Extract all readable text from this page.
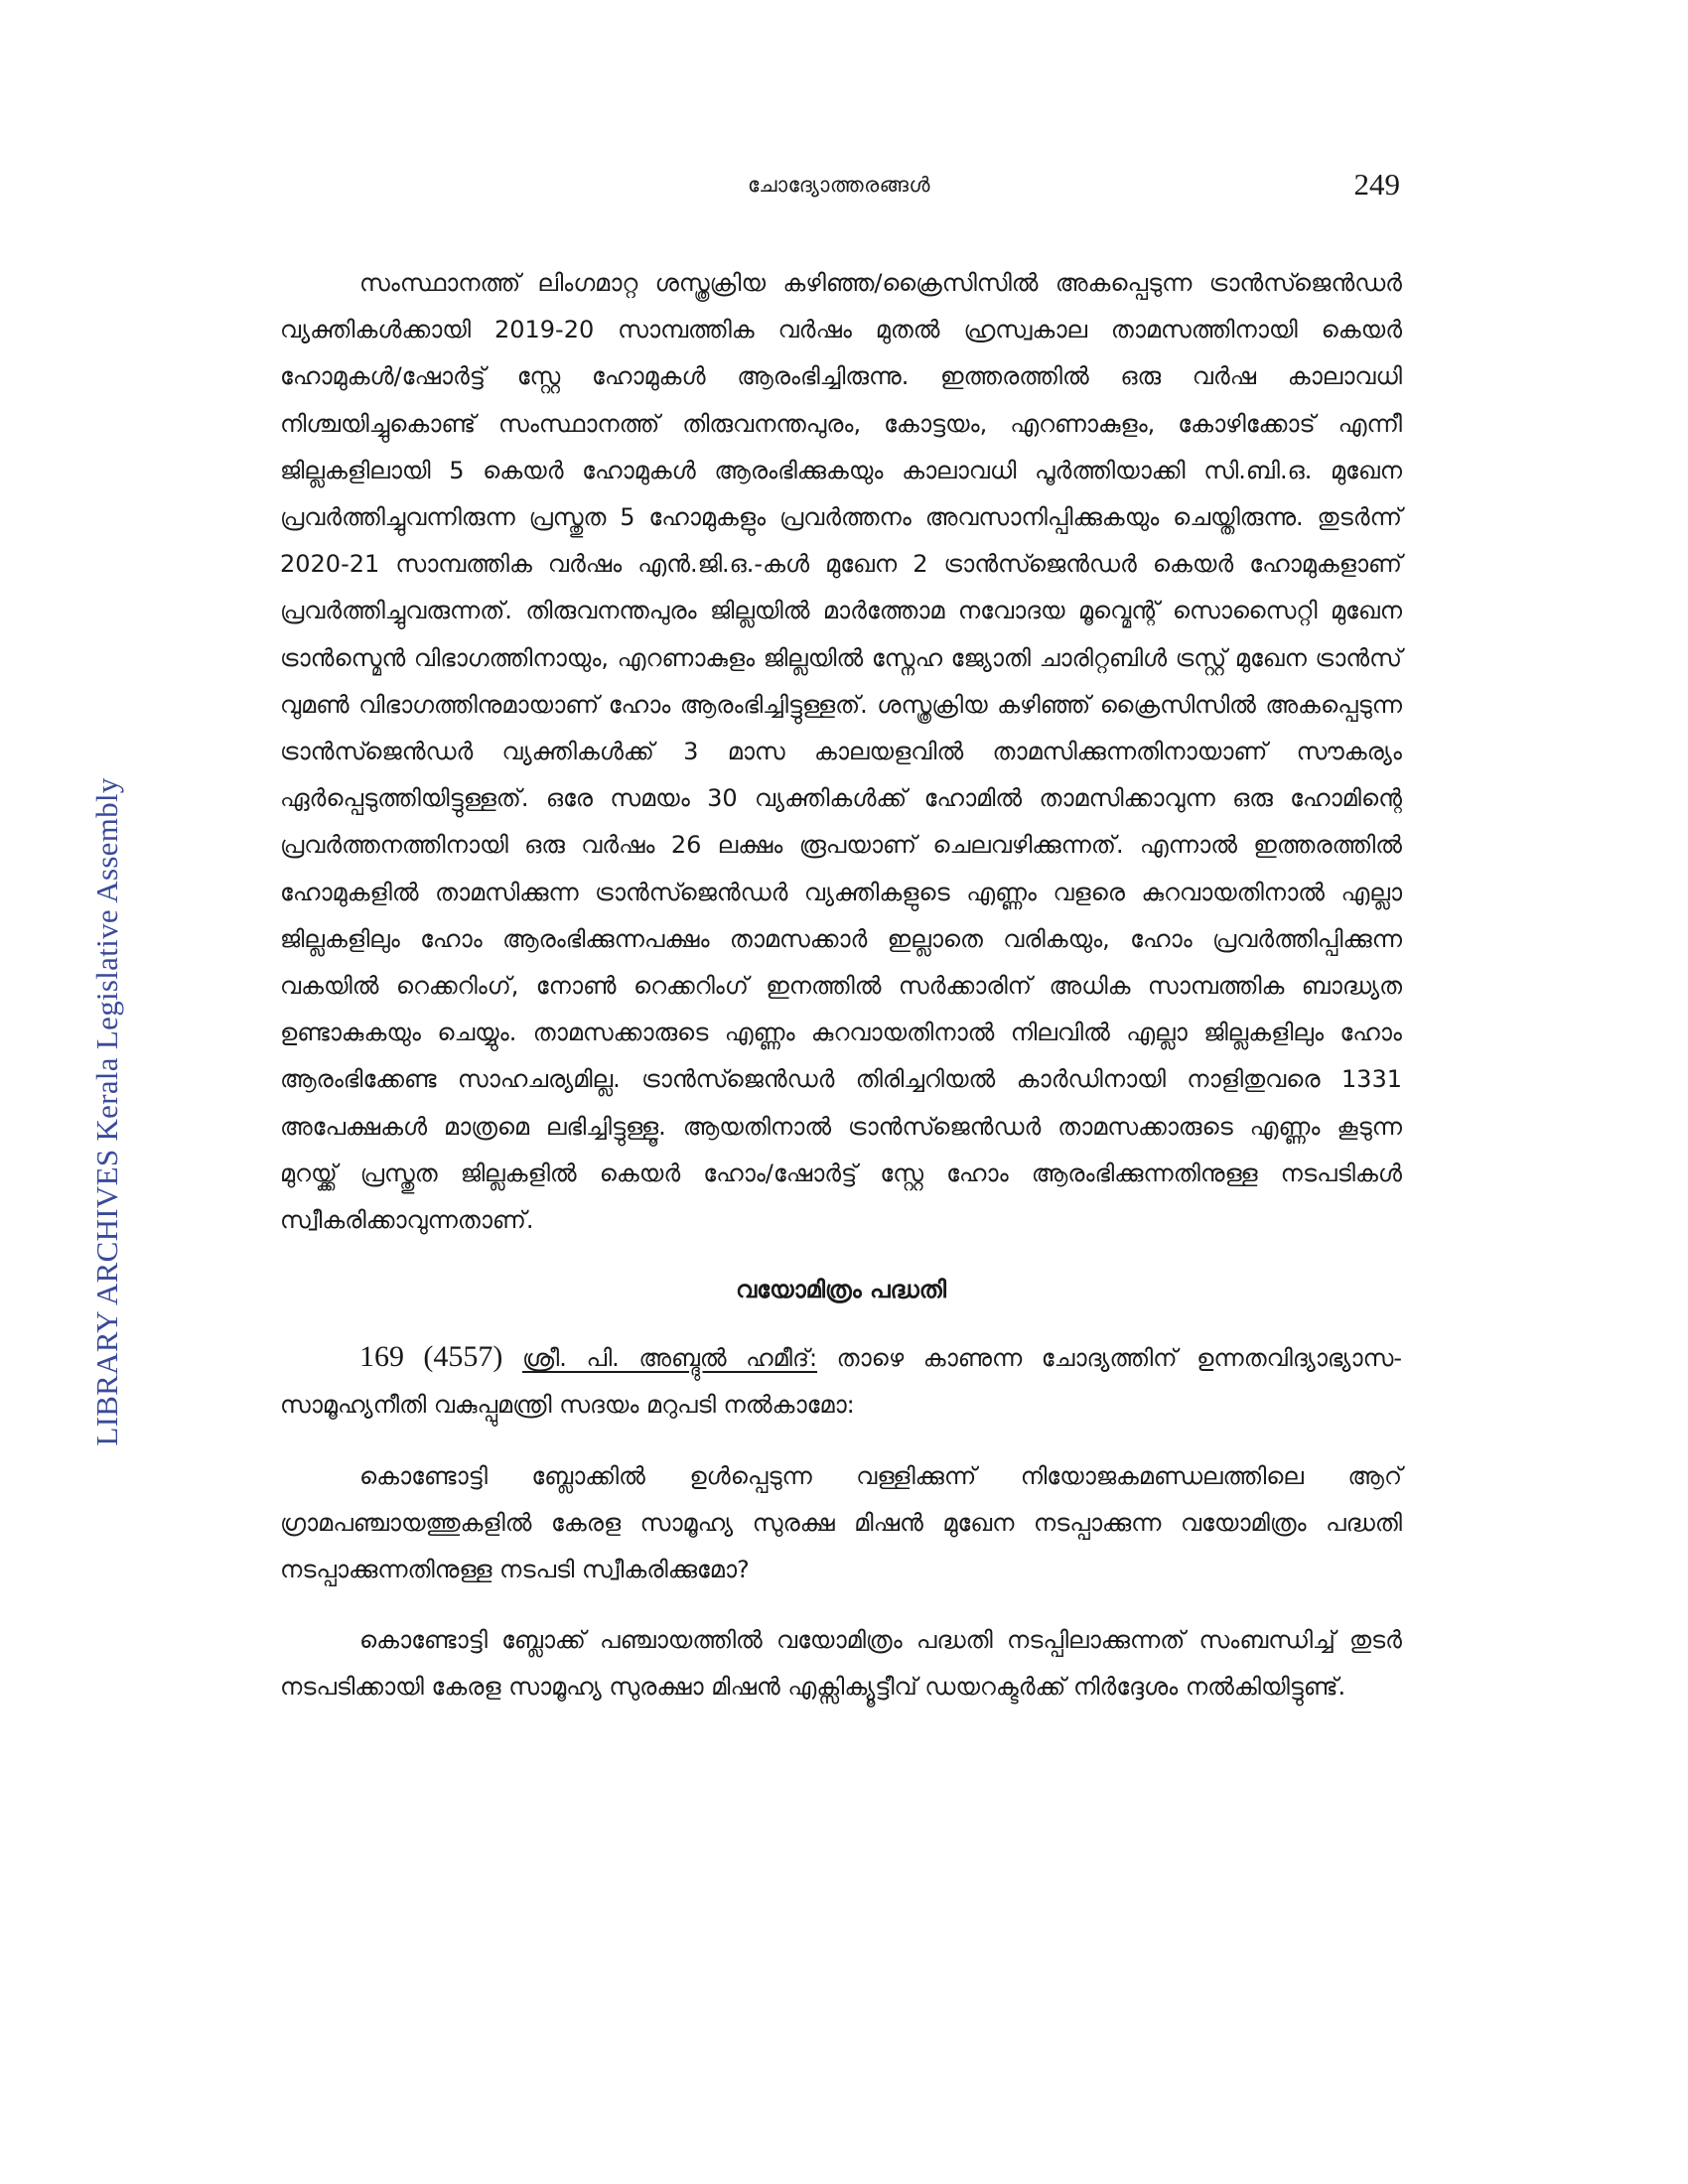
ചോദ്യോത്തരങ്ങൾ	249
LIBRARY ARCHIVES Kerala Legislative Assembly

സംസ്ഥാനത്ത് ലിംഗമാറ്റ ശസ്ത്രക്രിയ കഴിഞ്ഞ/ക്രൈസിസിൽ അകപ്പെടുന്ന ട്രാൻസ്ജെൻഡർ വ്യക്തികൾക്കായി 2019-20 സാമ്പത്തിക വർഷം മുതൽ ഹ്രസ്വകാല താമസത്തിനായി കെയർ ഹോമുകൾ/ഷോർട്ട് സ്റ്റേ ഹോമുകൾ ആരംഭിച്ചിരുന്നു. ഇത്തരത്തിൽ ഒരു വർഷ കാലാവധി നിശ്ചയിച്ചുകൊണ്ട് സംസ്ഥാനത്ത് തിരുവനന്തപുരം, കോട്ടയം, എറണാകുളം, കോഴിക്കോട് എന്നീ ജില്ലകളിലായി 5 കെയർ ഹോമുകൾ ആരംഭിക്കുകയും കാലാവധി പൂർത്തിയാക്കി സി.ബി.ഒ. മുഖേന പ്രവർത്തിച്ചുവന്നിരുന്ന പ്രസ്തുത 5 ഹോമുകളും പ്രവർത്തനം അവസാനിപ്പിക്കുകയും ചെയ്തിരുന്നു. തുടർന്ന് 2020-21 സാമ്പത്തിക വർഷം എൻ.ജി.ഒ.-കൾ മുഖേന 2 ട്രാൻസ്ജെൻഡർ കെയർ ഹോമുകളാണ് പ്രവർത്തിച്ചുവരുന്നത്. തിരുവനന്തപുരം ജില്ലയിൽ മാർത്തോമ നവോദയ മൂവ്മെന്റ് സൊസൈറ്റി മുഖേന ട്രാൻസ്മെൻ വിഭാഗത്തിനായും, എറണാകുളം ജില്ലയിൽ സ്നേഹ ജ്യോതി ചാരിറ്റബിൾ ട്രസ്റ്റ് മുഖേന ട്രാൻസ് വുമൺ വിഭാഗത്തിനുമായാണ് ഹോം ആരംഭിച്ചിട്ടുള്ളത്. ശസ്ത്രക്രിയ കഴിഞ്ഞ് ക്രൈസിസിൽ അകപ്പെടുന്ന ട്രാൻസ്ജെൻഡർ വ്യക്തികൾക്ക് 3 മാസ കാലയളവിൽ താമസിക്കുന്നതിനായാണ് സൗകര്യം ഏർപ്പെടുത്തിയിട്ടുള്ളത്. ഒരേ സമയം 30 വ്യക്തികൾക്ക് ഹോമിൽ താമസിക്കാവുന്ന ഒരു ഹോമിന്റെ പ്രവർത്തനത്തിനായി ഒരു വർഷം 26 ലക്ഷം രൂപയാണ് ചെലവഴിക്കുന്നത്. എന്നാൽ ഇത്തരത്തിൽ ഹോമുകളിൽ താമസിക്കുന്ന ട്രാൻസ്ജെൻഡർ വ്യക്തികളുടെ എണ്ണം വളരെ കുറവായതിനാൽ എല്ലാ ജില്ലകളിലും ഹോം ആരംഭിക്കുന്നപക്ഷം താമസക്കാർ ഇല്ലാതെ വരികയും, ഹോം പ്രവർത്തിപ്പിക്കുന്ന വകയിൽ റെക്കറിംഗ്, നോൺ റെക്കറിംഗ് ഇനത്തിൽ സർക്കാരിന് അധിക സാമ്പത്തിക ബാദ്ധ്യത ഉണ്ടാകുകയും ചെയ്യും. താമസക്കാരുടെ എണ്ണം കുറവായതിനാൽ നിലവിൽ എല്ലാ ജില്ലകളിലും ഹോം ആരംഭിക്കേണ്ട സാഹചര്യമില്ല. ട്രാൻസ്ജെൻഡർ തിരിച്ചറിയൽ കാർഡിനായി നാളിതുവരെ 1331 അപേക്ഷകൾ മാത്രമെ ലഭിച്ചിട്ടുള്ളൂ. ആയതിനാൽ ട്രാൻസ്ജെൻഡർ താമസക്കാരുടെ എണ്ണം കൂടുന്ന മുറയ്ക്ക് പ്രസ്തുത ജില്ലകളിൽ കെയർ ഹോം/ഷോർട്ട് സ്റ്റേ ഹോം ആരംഭിക്കുന്നതിനുള്ള നടപടികൾ സ്വീകരിക്കാവുന്നതാണ്.

വയോമിത്രം പദ്ധതി

169 (4557) ശ്രീ. പി. അബ്ദുൽ ഹമീദ്: താഴെ കാണുന്ന ചോദ്യത്തിന് ഉന്നതവിദ്യാഭ്യാസ-സാമൂഹ്യനീതി വകുപ്പുമന്ത്രി സദയം മറുപടി നൽകാമോ:

കൊണ്ടോട്ടി ബ്ലോക്കിൽ ഉൾപ്പെടുന്ന വള്ളിക്കുന്ന് നിയോജകമണ്ഡലത്തിലെ ആറ് ഗ്രാമപഞ്ചായത്തുകളിൽ കേരള സാമൂഹ്യ സുരക്ഷ മിഷൻ മുഖേന നടപ്പാക്കുന്ന വയോമിത്രം പദ്ധതി നടപ്പാക്കുന്നതിനുള്ള നടപടി സ്വീകരിക്കുമോ?

കൊണ്ടോട്ടി ബ്ലോക്ക് പഞ്ചായത്തിൽ വയോമിത്രം പദ്ധതി നടപ്പിലാക്കുന്നത് സംബന്ധിച്ച് തുടർ നടപടിക്കായി കേരള സാമൂഹ്യ സുരക്ഷാ മിഷൻ എക്സിക്യൂട്ടീവ് ഡയറക്ടർക്ക് നിർദ്ദേശം നൽകിയിട്ടുണ്ട്.
